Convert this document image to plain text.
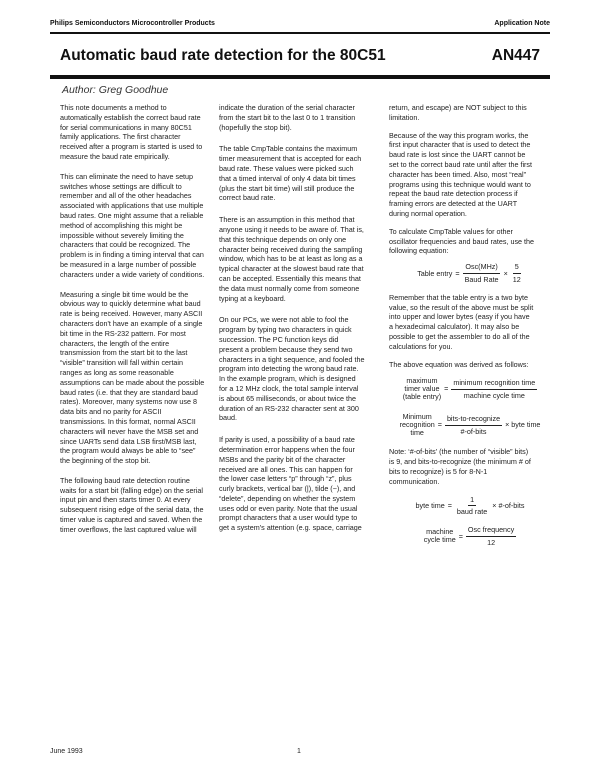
Philips Semiconductors Microcontroller Products	Application Note
Automatic baud rate detection for the 80C51	AN447
Author: Greg Goodhue

This note documents a method to
automatically establish the correct baud rate
for serial communications in many 80C51
family applications. The first character
received after a program is started is used to
measure the baud rate empirically.

This can eliminate the need to have setup
switches whose settings are difficult to
remember and all of the other headaches
associated with applications that use multiple
baud rates. One might assume that a reliable
method of accomplishing this might be
impossible without severely limiting the
characters that could be recognized. The
problem is in finding a timing interval that can
be measured in a large number of possible
characters under a wide variety of conditions.

Measuring a single bit time would be the
obvious way to quickly determine what baud
rate is being received. However, many ASCII
characters don't have an example of a single
bit time in the RS-232 pattern. For most
characters, the length of the entire
transmission from the start bit to the last
“visible” transition will fall within certain
ranges as long as some reasonable
assumptions can be made about the possible
baud rates (i.e. that they are standard baud
rates). Moreover, many systems now use 8
data bits and no parity for ASCII
transmissions. In this format, normal ASCII
characters will never have the MSB set and
since UARTs send data LSB first/MSB last,
the program would always be able to “see”
the beginning of the stop bit.

The following baud rate detection routine
waits for a start bit (falling edge) on the serial
input pin and then starts timer 0. At every
subsequent rising edge of the serial data, the
timer value is captured and saved. When the
timer overflows, the last captured value will

indicate the duration of the serial character
from the start bit to the last 0 to 1 transition
(hopefully the stop bit).

The table CmpTable contains the maximum
timer measurement that is accepted for each
baud rate. These values were picked such
that a timed interval of only 4 data bit times
(plus the start bit time) will still produce the
correct baud rate.

There is an assumption in this method that
anyone using it needs to be aware of. That is,
that this technique depends on only one
character being received during the sampling
window, which has to be at least as long as a
typical character at the slowest baud rate that
can be accepted. Essentially this means that
the data must normally come from someone
typing at a keyboard.

On our PCs, we were not able to fool the
program by typing two characters in quick
succession. The PC function keys did
present a problem because they send two
characters in a tight sequence, and fooled the
program into detecting the wrong baud rate.
In the example program, which is designed
for a 12 MHz clock, the total sample interval
is about 65 milliseconds, or about twice the
duration of an RS-232 character sent at 300
baud.

If parity is used, a possibility of a baud rate
determination error happens when the four
MSBs and the parity bit of the character
received are all ones. This can happen for
the lower case letters “p” through “z”, plus
curly brackets, vertical bar (|), tilde (~), and
“delete”, depending on whether the system
uses odd or even parity. Note that the usual
prompt characters that a user would type to
get a system's attention (e.g. space, carriage

return, and escape) are NOT subject to this
limitation.

Because of the way this program works, the
first input character that is used to detect the
baud rate is lost since the UART cannot be
set to the correct baud rate until after the first
character has been timed. Also, most “real”
programs using this technique would want to
repeat the baud rate detection process if
framing errors are detected at the UART
during normal operation.

To calculate CmpTable values for other
oscillator frequencies and baud rates, use the
following equation:

Table entry = $\frac{\text{Osc(MHz)}}{\text{Baud Rate}} \times \frac{5}{12}$

Remember that the table entry is a two byte
value, so the result of the above must be split
into upper and lower bytes (easy if you have
a hexadecimal calculator). It may also be
possible to get the assembler to do all of the
calculations for you.

The above equation was derived as follows:

maximum
timer value
(table entry)
= $\frac{\text{minimum recognition time}}{\text{machine cycle time}}$
Minimum
recognition
time
= $\frac{\text{bits-to-recognize}}{\text{\#-of-bits}}$ × byte time

Note: ‘#-of-bits’ (the number of “visible” bits)
is 9, and bits-to-recognize (the minimum # of
bits to recognize) is 5 for 8-N-1
communication.

byte time = $\frac{1}{\text{baud rate}}$ × #-of-bits
machine
cycle time = $\frac{\text{Osc frequency}}{12}$
June 1993	1
